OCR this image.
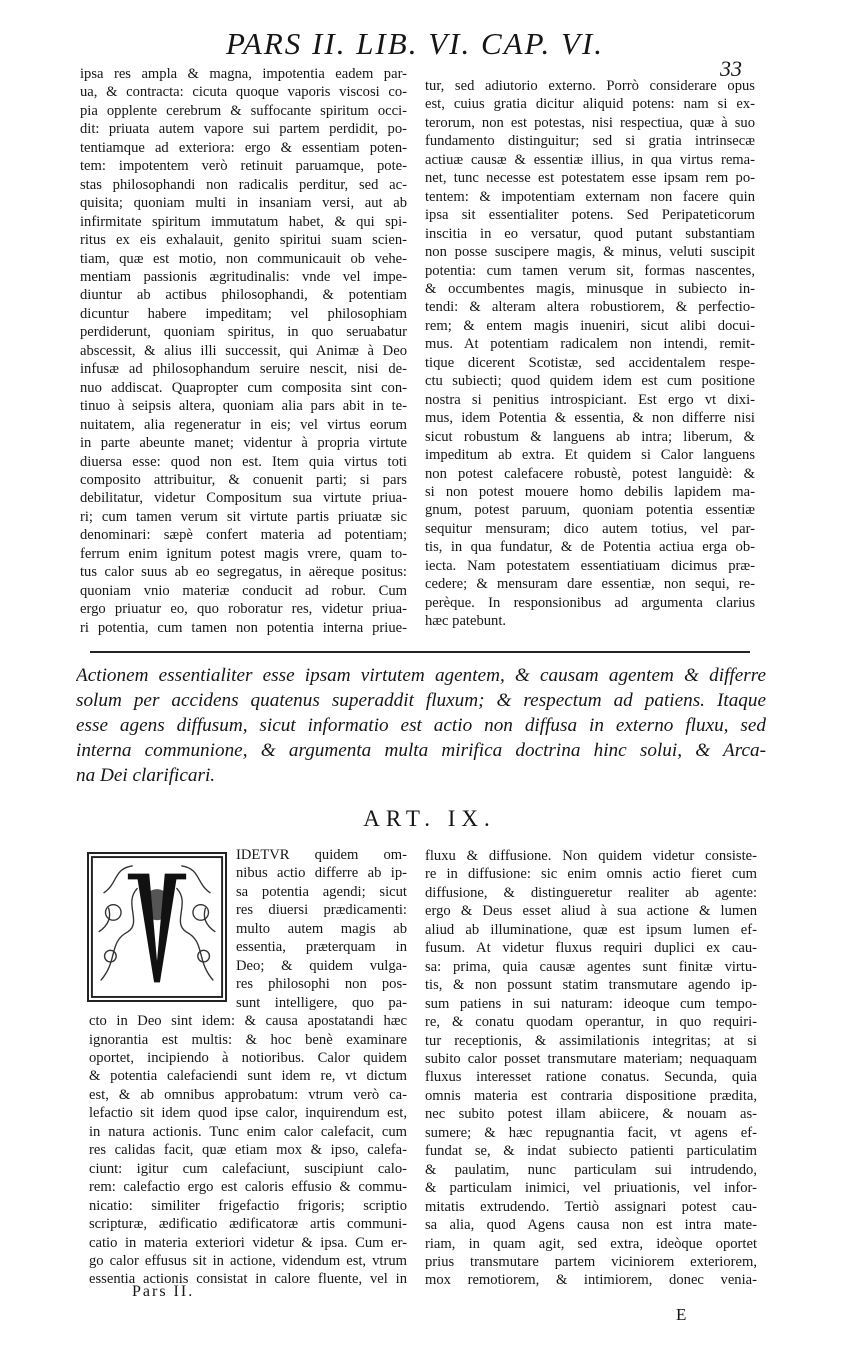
PARS II. LIB. VI. CAP. VI.
33
ipsa res ampla & magna, impotentia eadem par-
ua, & contracta: cicuta quoque vaporis viscosi co-
pia opplente cerebrum & suffocante spiritum occi-
dit: priuata autem vapore sui partem perdidit, po-
tentiamque ad exteriora: ergo & essentiam poten-
tem: impotentem verò retinuit paruamque, pote-
stas philosophandi non radicalis perditur, sed ac-
quisita; quoniam multi in insaniam versi, aut ab
infirmitate spiritum immutatum habet, & qui spi-
ritus ex eis exhalauit, genito spiritui suam scien-
tiam, quæ est motio, non communicauit ob vehe-
mentiam passionis ægritudinalis: vnde vel impe-
diuntur ab actibus philosophandi, & potentiam
dicuntur habere impeditam; vel philosophiam
perdiderunt, quoniam spiritus, in quo seruabatur
abscessit, & alius illi successit, qui Animæ à Deo
infusæ ad philosophandum seruire nescit, nisi de-
nuo addiscat. Quapropter cum composita sint con-
tinuo à seipsis altera, quoniam alia pars abit in te-
nuitatem, alia regeneratur in eis; vel virtus eorum
in parte abeunte manet; videntur à propria virtute
diuersa esse: quod non est. Item quia virtus toti
composito attribuitur, & conuenit parti; si pars
debilitatur, videtur Compositum sua virtute priua-
ri; cum tamen verum sit virtute partis priuatæ sic
denominari: sæpè confert materia ad potentiam;
ferrum enim ignitum potest magis vrere, quam to-
tus calor suus ab eo segregatus, in aëreque positus:
quoniam vnio materiæ conducit ad robur. Cum
ergo priuatur eo, quo roboratur res, videtur priua-
ri potentia, cum tamen non potentia interna priue-
tur, sed adiutorio externo. Porrò considerare opus
est, cuius gratia dicitur aliquid potens: nam si ex-
terorum, non est potestas, nisi respectiua, quæ à suo
fundamento distinguitur; sed si gratia intrinsecæ
actiuæ causæ & essentiæ illius, in qua virtus rema-
net, tunc necesse est potestatem esse ipsam rem po-
tentem: & impotentiam externam non facere quin
ipsa sit essentialiter potens. Sed Peripateticorum
inscitia in eo versatur, quod putant substantiam
non posse suscipere magis, & minus, veluti suscipit
potentia: cum tamen verum sit, formas nascentes,
& occumbentes magis, minusque in subiecto in-
tendi: & alteram altera robustiorem, & perfectio-
rem; & entem magis inueniri, sicut alibi docui-
mus. At potentiam radicalem non intendi, remit-
tique dicerent Scotistæ, sed accidentalem respe-
ctu subiecti; quod quidem idem est cum positione
nostra si penitius introspiciant. Est ergo vt dixi-
mus, idem Potentia & essentia, & non differre nisi
sicut robustum & languens ab intra; liberum, &
impeditum ab extra. Et quidem si Calor languens
non potest calefacere robustè, potest languidè: &
si non potest mouere homo debilis lapidem ma-
gnum, potest paruum, quoniam potentia essentiæ
sequitur mensuram; dico autem totius, vel par-
tis, in qua fundatur, & de Potentia actiua erga ob-
iecta. Nam potestatem essentiatiuam dicimus præ-
cedere; & mensuram dare essentiæ, non sequi, re-
perèque. In responsionibus ad argumenta clarius
hæc patebunt.
Actionem essentialiter esse ipsam virtutem agentem, & causam agentem & differre
solum per accidens quatenus superaddit fluxum; & respectum ad patiens. Itaque
esse agens diffusum, sicut informatio est actio non diffusa in externo fluxu, sed
interna communione, & argumenta multa mirifica doctrina hinc solui, & Arca-
na Dei clarificari.
ART. IX.
IDETVR quidem om-
nibus actio differre ab ip-
sa potentia agendi; sicut
res diuersi prædicamenti:
multo autem magis ab
essentia, præterquam in
Deo; & quidem vulga-
res philosophi non pos-
sunt intelligere, quo pa-
cto in Deo sint idem: & causa apostatandi hæc
ignorantia est multis: & hoc benè examinare
oportet, incipiendo à notioribus. Calor quidem
& potentia calefaciendi sunt idem re, vt dictum
est, & ab omnibus approbatum: vtrum verò ca-
lefactio sit idem quod ipse calor, inquirendum est,
in natura actionis. Tunc enim calor calefacit, cum
res calidas facit, quæ etiam mox & ipso, calefa-
ciunt: igitur cum calefaciunt, suscipiunt calo-
rem: calefactio ergo est caloris effusio & commu-
nicatio: similiter frigefactio frigoris; scriptio
scripturæ, ædificatio ædificatoræ artis communi-
catio in materia exteriori videtur & ipsa. Cum er-
go calor effusus sit in actione, videndum est, vtrum
essentia actionis consistat in calore fluente, vel in
fluxu & diffusione. Non quidem videtur consiste-
re in diffusione: sic enim omnis actio fieret cum
diffusione, & distingueretur realiter ab agente:
ergo & Deus esset aliud à sua actione & lumen
aliud ab illuminatione, quæ est ipsum lumen ef-
fusum. At videtur fluxus requiri duplici ex cau-
sa: prima, quia causæ agentes sunt finitæ virtu-
tis, & non possunt statim transmutare agendo ip-
sum patiens in sui naturam: ideoque cum tempo-
re, & conatu quodam operantur, in quo requiri-
tur receptionis, & assimilationis integritas; at si
subito calor posset transmutare materiam; nequaquam
fluxus interesset ratione conatus. Secunda, quia
omnis materia est contraria dispositione prædita,
nec subito potest illam abiicere, & nouam as-
sumere; & hæc repugnantia facit, vt agens ef-
fundat se, & indat subiecto patienti particulatim
& paulatim, nunc particulam sui intrudendo,
& particulam inimici, vel priuationis, vel infor-
mitatis extrudendo. Tertiò assignari potest cau-
sa alia, quod Agens causa non est intra mate-
riam, in quam agit, sed extra, ideòque oportet
prius transmutare partem viciniorem exteriorem,
mox remotiorem, & intimiorem, donec venia-
Pars II.
E
